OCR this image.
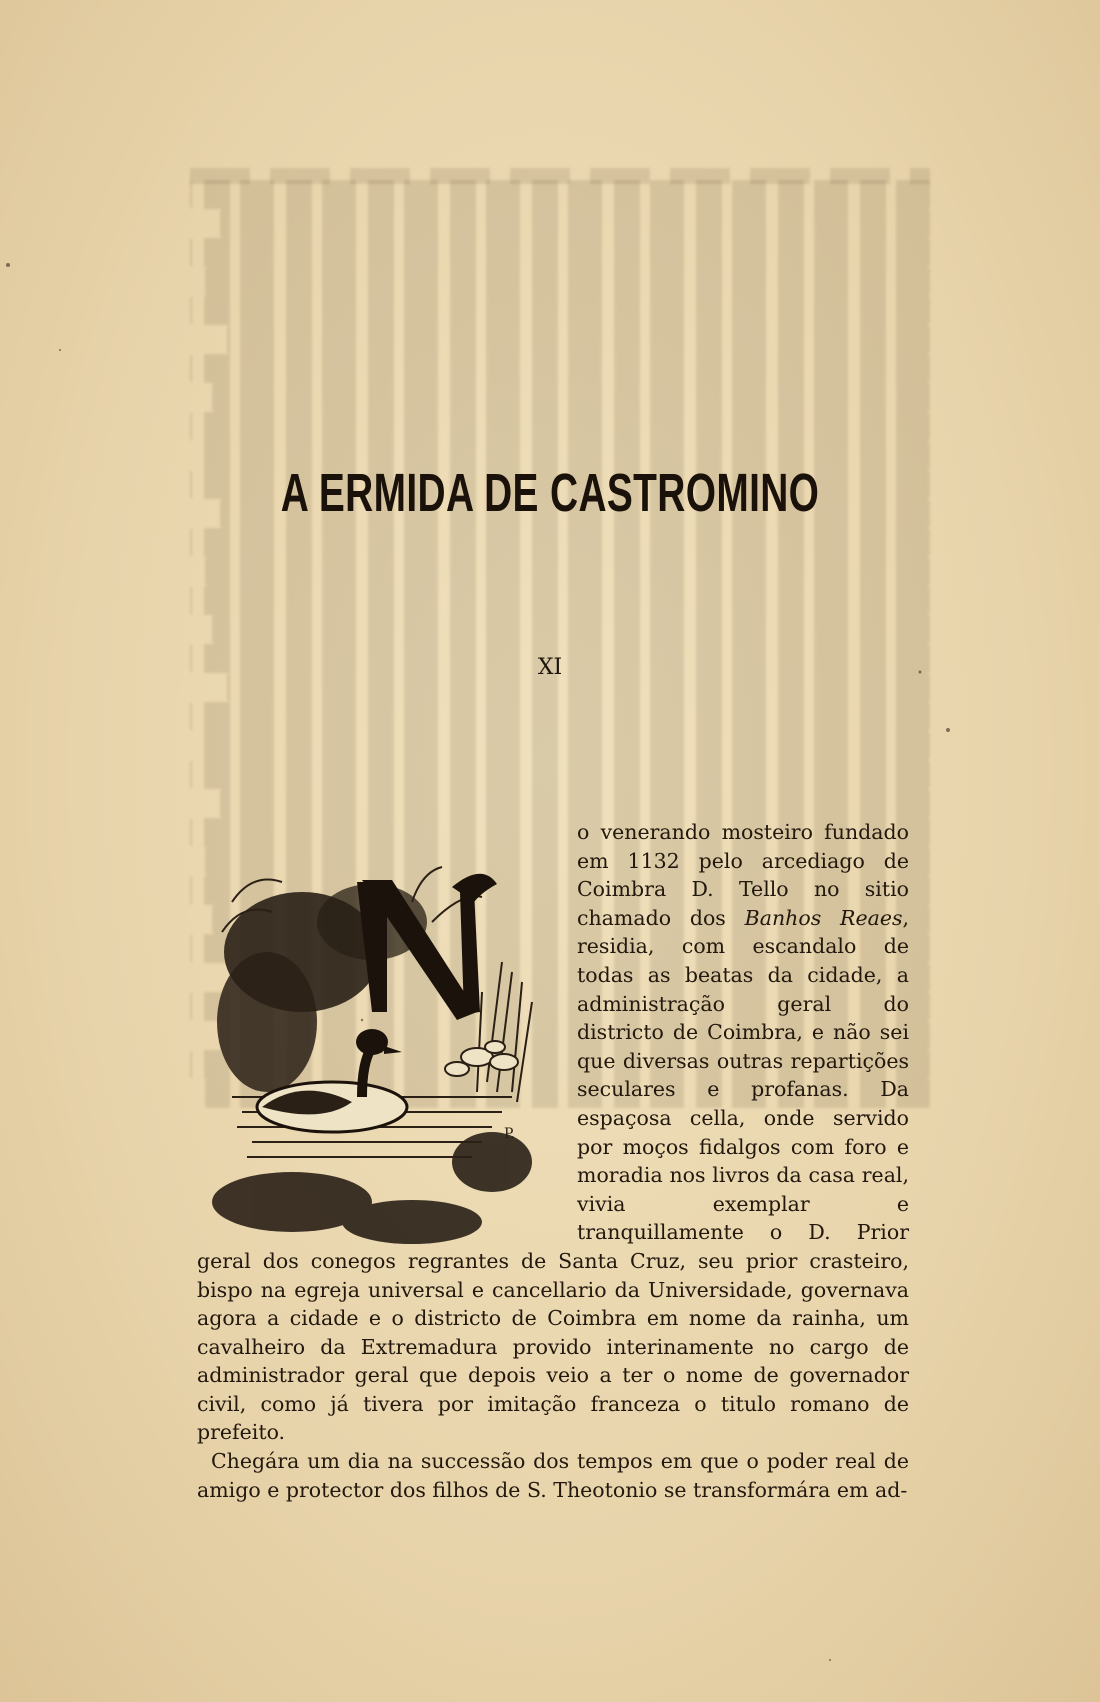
A ERMIDA DE CASTROMINO
XI
P.

o venerando mosteiro fundado em 1132 pelo arcediago de Coimbra D. Tello no sitio chamado dos Banhos Reaes, residia, com escandalo de todas as beatas da cidade, a administração geral do districto de Coimbra, e não sei que diversas outras repartições seculares e profanas. Da espaçosa cella, onde servido por moços fidalgos com foro e moradia nos livros da casa real, vivia exemplar e tranquillamente o D. Prior geral dos conegos regrantes de Santa Cruz, seu prior crasteiro, bispo na egreja universal e cancellario da Universidade, governava agora a cidade e o districto de Coimbra em nome da rainha, um cavalheiro da Extremadura provido interinamente no cargo de administrador geral que depois veio a ter o nome de governador civil, como já tivera por imitação franceza o titulo romano de prefeito.

Chegára um dia na successão dos tempos em que o poder real de amigo e protector dos filhos de S. Theotonio se transformára em ad-
